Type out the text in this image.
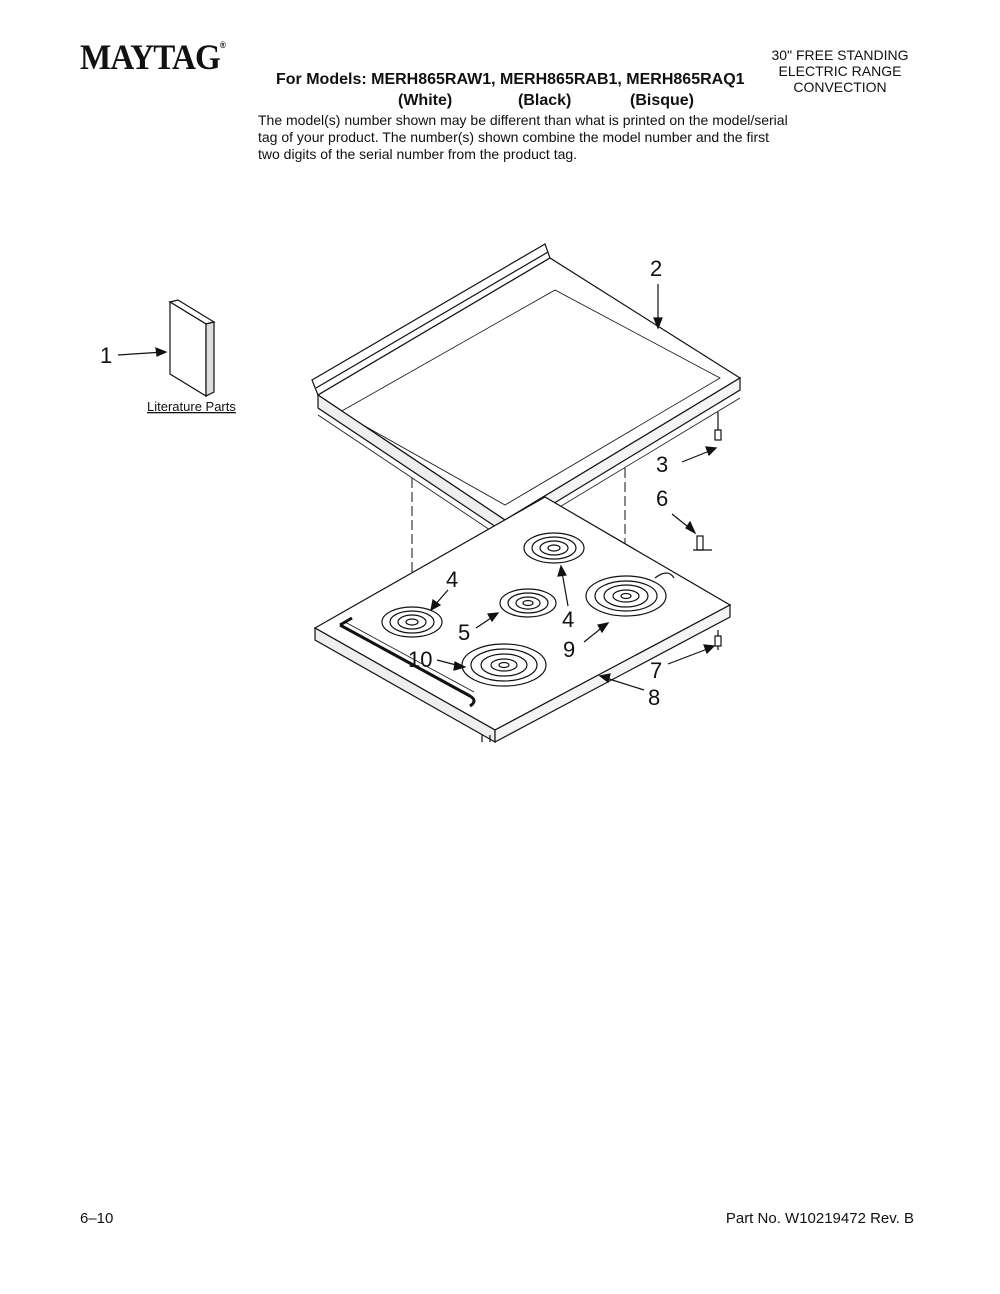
MAYTAG®
30" FREE STANDING
ELECTRIC RANGE
CONVECTION
For Models: MERH865RAW1, MERH865RAB1, MERH865RAQ1
(White)	(Black)	(Bisque)
The model(s) number shown may be different than what is printed on the model/serial tag of your product. The number(s) shown combine the model number and the first two digits of the serial number from the product tag.
1
Literature Parts
2
3
6
4
4
5
9
10	7
8
6–10	Part No. W10219472 Rev. B
